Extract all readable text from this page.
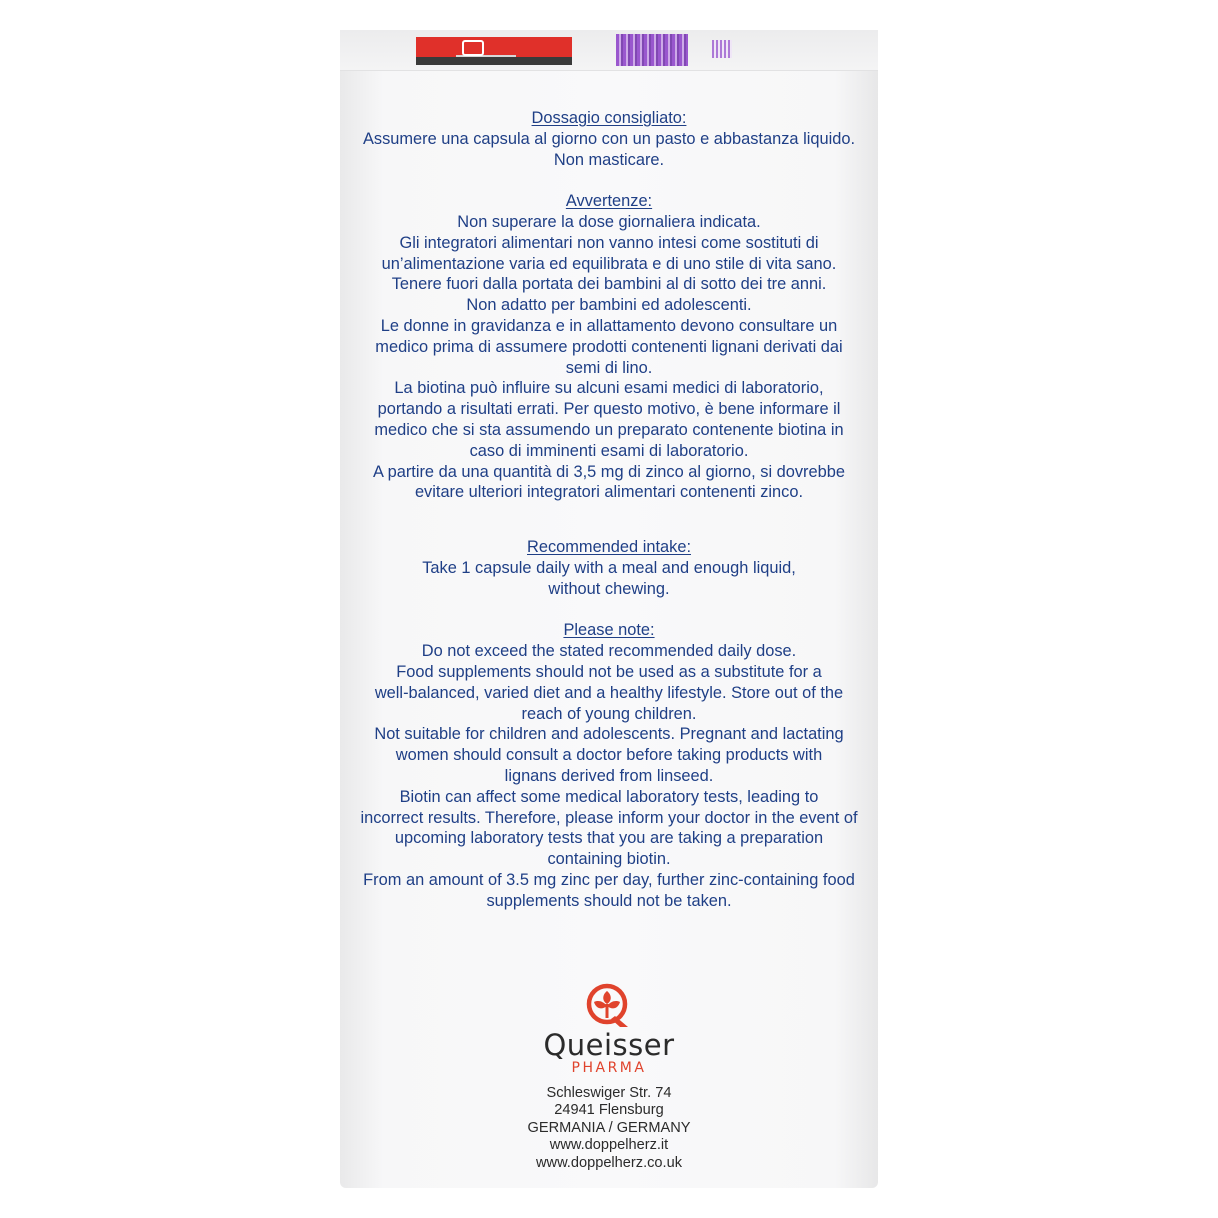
Dossagio consigliato:
Assumere una capsula al giorno con un pasto e abbastanza liquido.
Non masticare.
Avvertenze:
Non superare la dose giornaliera indicata.
Gli integratori alimentari non vanno intesi come sostituti di
un’alimentazione varia ed equilibrata e di uno stile di vita sano.
Tenere fuori dalla portata dei bambini al di sotto dei tre anni.
Non adatto per bambini ed adolescenti.
Le donne in gravidanza e in allattamento devono consultare un
medico prima di assumere prodotti contenenti lignani derivati dai
semi di lino.
La biotina può influire su alcuni esami medici di laboratorio,
portando a risultati errati. Per questo motivo, è bene informare il
medico che si sta assumendo un preparato contenente biotina in
caso di imminenti esami di laboratorio.
A partire da una quantità di 3,5 mg di zinco al giorno, si dovrebbe
evitare ulteriori integratori alimentari contenenti zinco.
Recommended intake:
Take 1 capsule daily with a meal and enough liquid,
without chewing.
Please note:
Do not exceed the stated recommended daily dose.
Food supplements should not be used as a substitute for a
well-balanced, varied diet and a healthy lifestyle. Store out of the
reach of young children.
Not suitable for children and adolescents. Pregnant and lactating
women should consult a doctor before taking products with
lignans derived from linseed.
Biotin can affect some medical laboratory tests, leading to
incorrect results. Therefore, please inform your doctor in the event of
upcoming laboratory tests that you are taking a preparation
containing biotin.
From an amount of 3.5 mg zinc per day, further zinc-containing food
supplements should not be taken.
Queisser
PHARMA
Schleswiger Str. 74
24941 Flensburg
GERMANIA / GERMANY
www.doppelherz.it
www.doppelherz.co.uk
